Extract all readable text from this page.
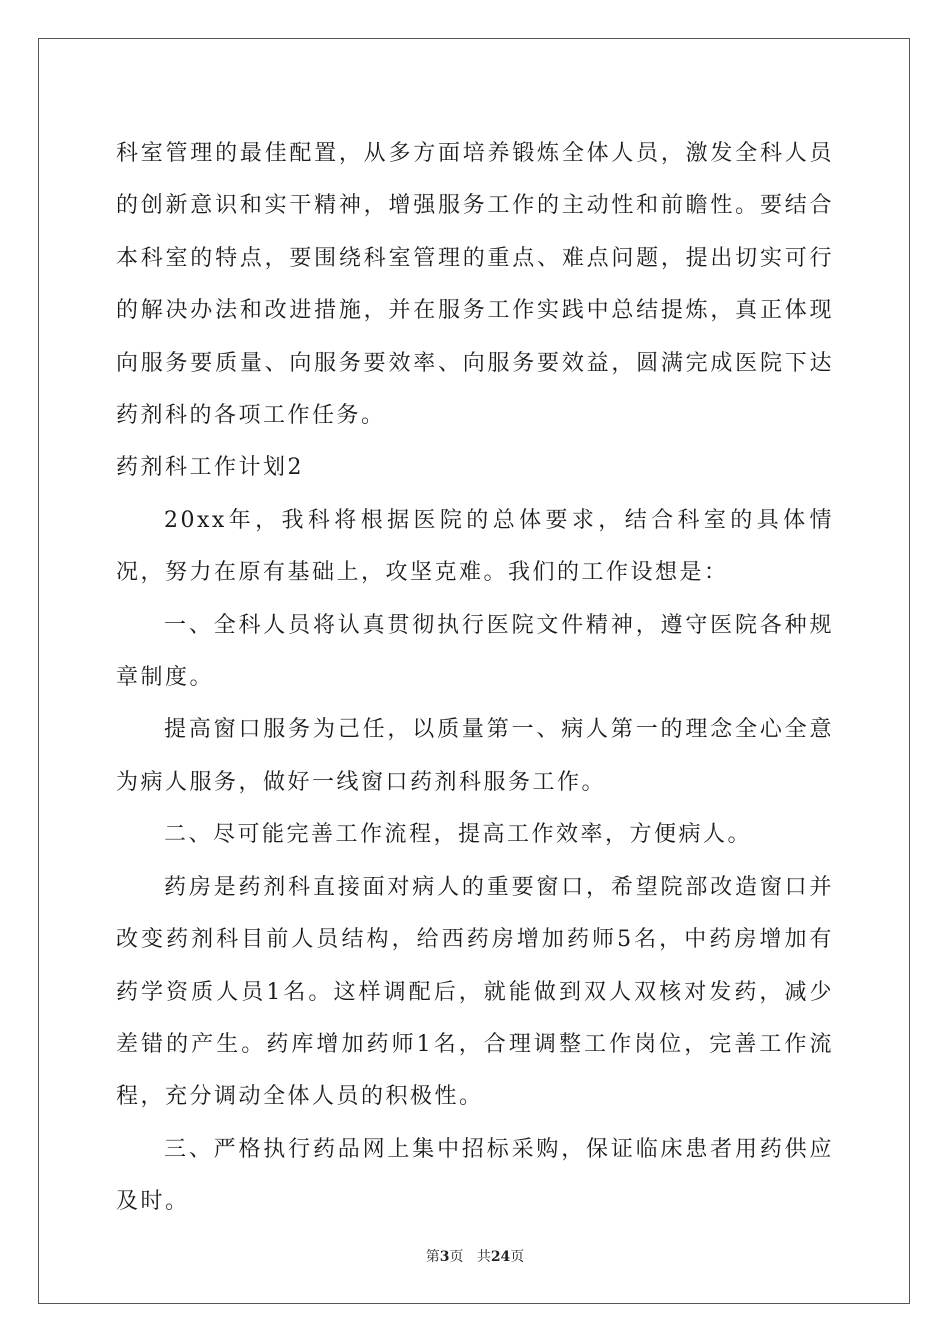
科室管理的最佳配置，从多方面培养锻炼全体人员，激发全科人员的创新意识和实干精神，增强服务工作的主动性和前瞻性。要结合本科室的特点，要围绕科室管理的重点、难点问题，提出切实可行的解决办法和改进措施，并在服务工作实践中总结提炼，真正体现向服务要质量、向服务要效率、向服务要效益，圆满完成医院下达药剂科的各项工作任务。

药剂科工作计划2

20xx年，我科将根据医院的总体要求，结合科室的具体情况，努力在原有基础上，攻坚克难。我们的工作设想是：

一、全科人员将认真贯彻执行医院文件精神，遵守医院各种规章制度。

提高窗口服务为己任，以质量第一、病人第一的理念全心全意为病人服务，做好一线窗口药剂科服务工作。

二、尽可能完善工作流程，提高工作效率，方便病人。

药房是药剂科直接面对病人的重要窗口，希望院部改造窗口并改变药剂科目前人员结构，给西药房增加药师5名，中药房增加有药学资质人员1名。这样调配后，就能做到双人双核对发药，减少差错的产生。药库增加药师1名，合理调整工作岗位，完善工作流程，充分调动全体人员的积极性。

三、严格执行药品网上集中招标采购，保证临床患者用药供应及时。

第3页 共24页
